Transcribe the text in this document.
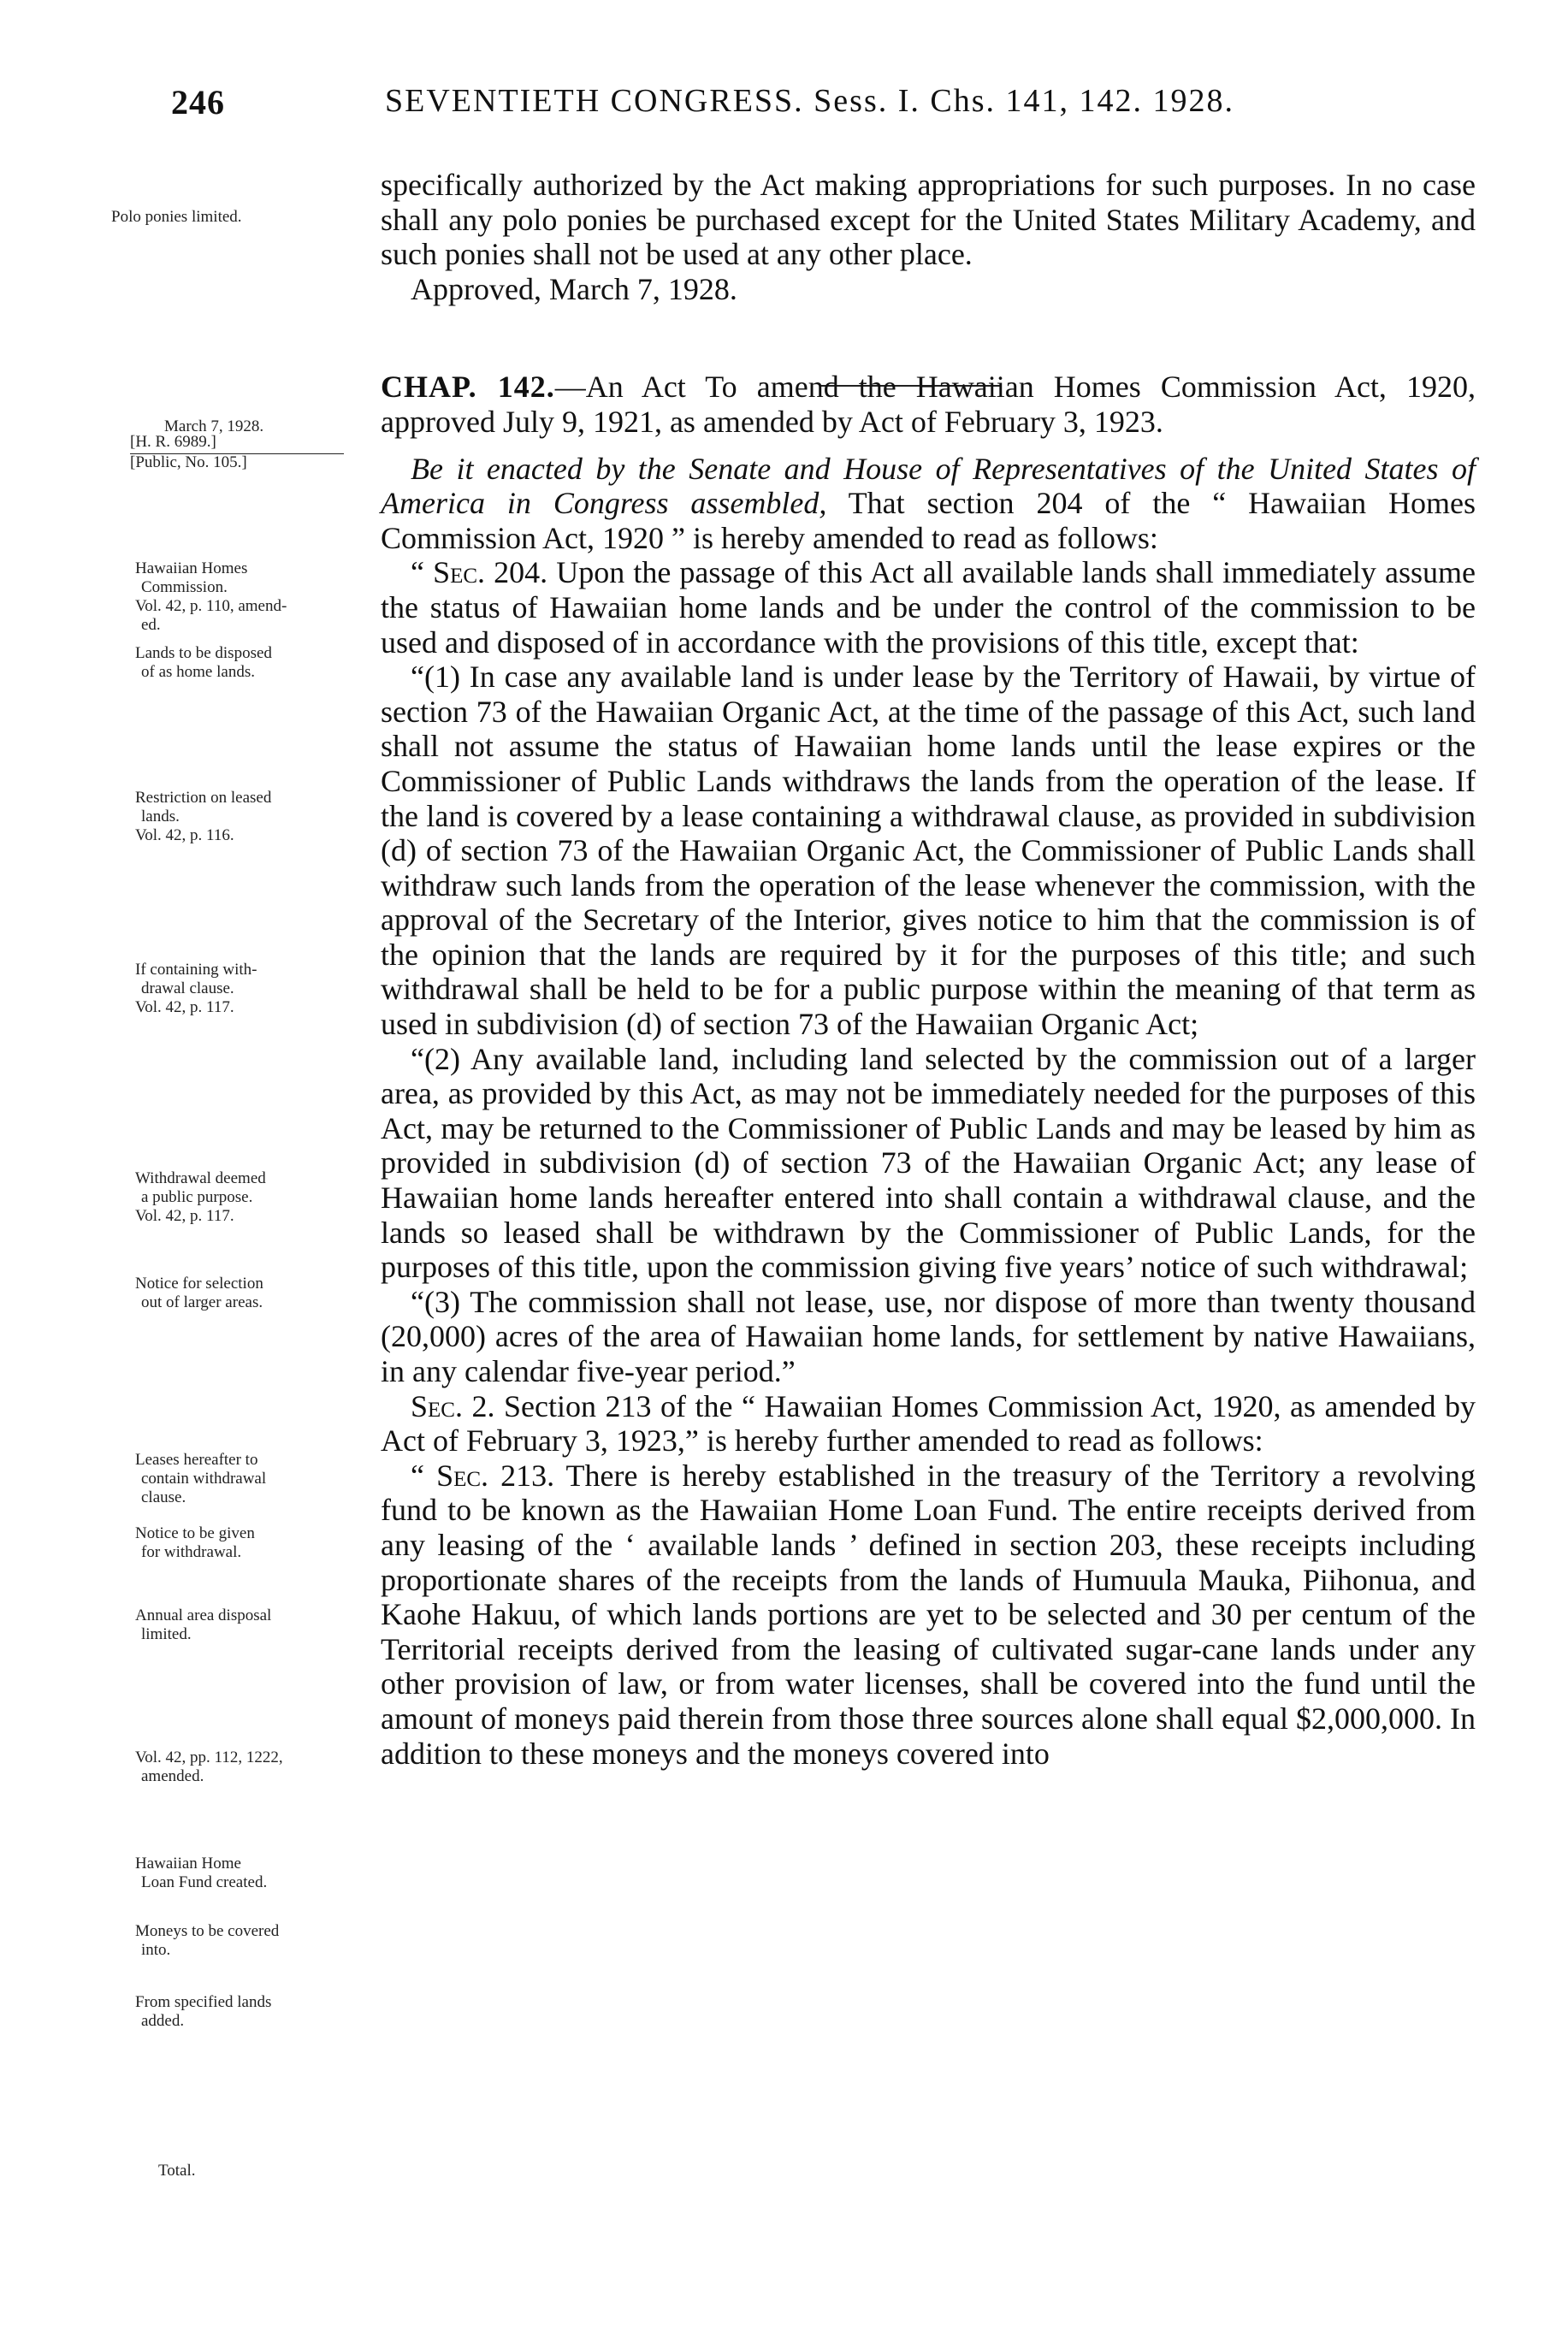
246	SEVENTIETH CONGRESS. Sess. I. Chs. 141, 142. 1928.
Polo ponies limited.
March 7, 1928.
[H. R. 6989.]
[Public, No. 105.]
Hawaiian Homes
Commission.
Vol. 42, p. 110, amend-
ed.
Lands to be disposed
of as home lands.
Restriction on leased
lands.
Vol. 42, p. 116.
If containing with-
drawal clause.
Vol. 42, p. 117.
Withdrawal deemed
a public purpose.
Vol. 42, p. 117.
Notice for selection
out of larger areas.
Leases hereafter to
contain withdrawal
clause.
Notice to be given
for withdrawal.
Annual area disposal
limited.
Vol. 42, pp. 112, 1222,
amended.
Hawaiian Home
Loan Fund created.
Moneys to be covered
into.
From specified lands
added.
Total.

specifically authorized by the Act making appropriations for such purposes. In no case shall any polo ponies be purchased except for the United States Military Academy, and such ponies shall not be used at any other place.

Approved, March 7, 1928.

CHAP. 142.—An Act To amend the Hawaiian Homes Commission Act, 1920, approved July 9, 1921, as amended by Act of February 3, 1923.

Be it enacted by the Senate and House of Representatives of the United States of America in Congress assembled, That section 204 of the “ Hawaiian Homes Commission Act, 1920 ” is hereby amended to read as follows:

“ Sec. 204. Upon the passage of this Act all available lands shall immediately assume the status of Hawaiian home lands and be under the control of the commission to be used and disposed of in accordance with the provisions of this title, except that:

“(1) In case any available land is under lease by the Territory of Hawaii, by virtue of section 73 of the Hawaiian Organic Act, at the time of the passage of this Act, such land shall not assume the status of Hawaiian home lands until the lease expires or the Commissioner of Public Lands withdraws the lands from the operation of the lease. If the land is covered by a lease containing a withdrawal clause, as provided in subdivision (d) of section 73 of the Hawaiian Organic Act, the Commissioner of Public Lands shall withdraw such lands from the operation of the lease whenever the commission, with the approval of the Secretary of the Interior, gives notice to him that the commission is of the opinion that the lands are required by it for the purposes of this title; and such withdrawal shall be held to be for a public purpose within the meaning of that term as used in subdivision (d) of section 73 of the Hawaiian Organic Act;

“(2) Any available land, including land selected by the commission out of a larger area, as provided by this Act, as may not be immediately needed for the purposes of this Act, may be returned to the Commissioner of Public Lands and may be leased by him as provided in subdivision (d) of section 73 of the Hawaiian Organic Act; any lease of Hawaiian home lands hereafter entered into shall contain a withdrawal clause, and the lands so leased shall be withdrawn by the Commissioner of Public Lands, for the purposes of this title, upon the commission giving five years’ notice of such withdrawal;

“(3) The commission shall not lease, use, nor dispose of more than twenty thousand (20,000) acres of the area of Hawaiian home lands, for settlement by native Hawaiians, in any calendar five-year period.”

Sec. 2. Section 213 of the “ Hawaiian Homes Commission Act, 1920, as amended by Act of February 3, 1923,” is hereby further amended to read as follows:

“ Sec. 213. There is hereby established in the treasury of the Territory a revolving fund to be known as the Hawaiian Home Loan Fund. The entire receipts derived from any leasing of the ‘ available lands ’ defined in section 203, these receipts including proportionate shares of the receipts from the lands of Humuula Mauka, Piihonua, and Kaohe Hakuu, of which lands portions are yet to be selected and 30 per centum of the Territorial receipts derived from the leasing of cultivated sugar-cane lands under any other provision of law, or from water licenses, shall be covered into the fund until the amount of moneys paid therein from those three sources alone shall equal $2,000,000. In addition to these moneys and the moneys covered into
